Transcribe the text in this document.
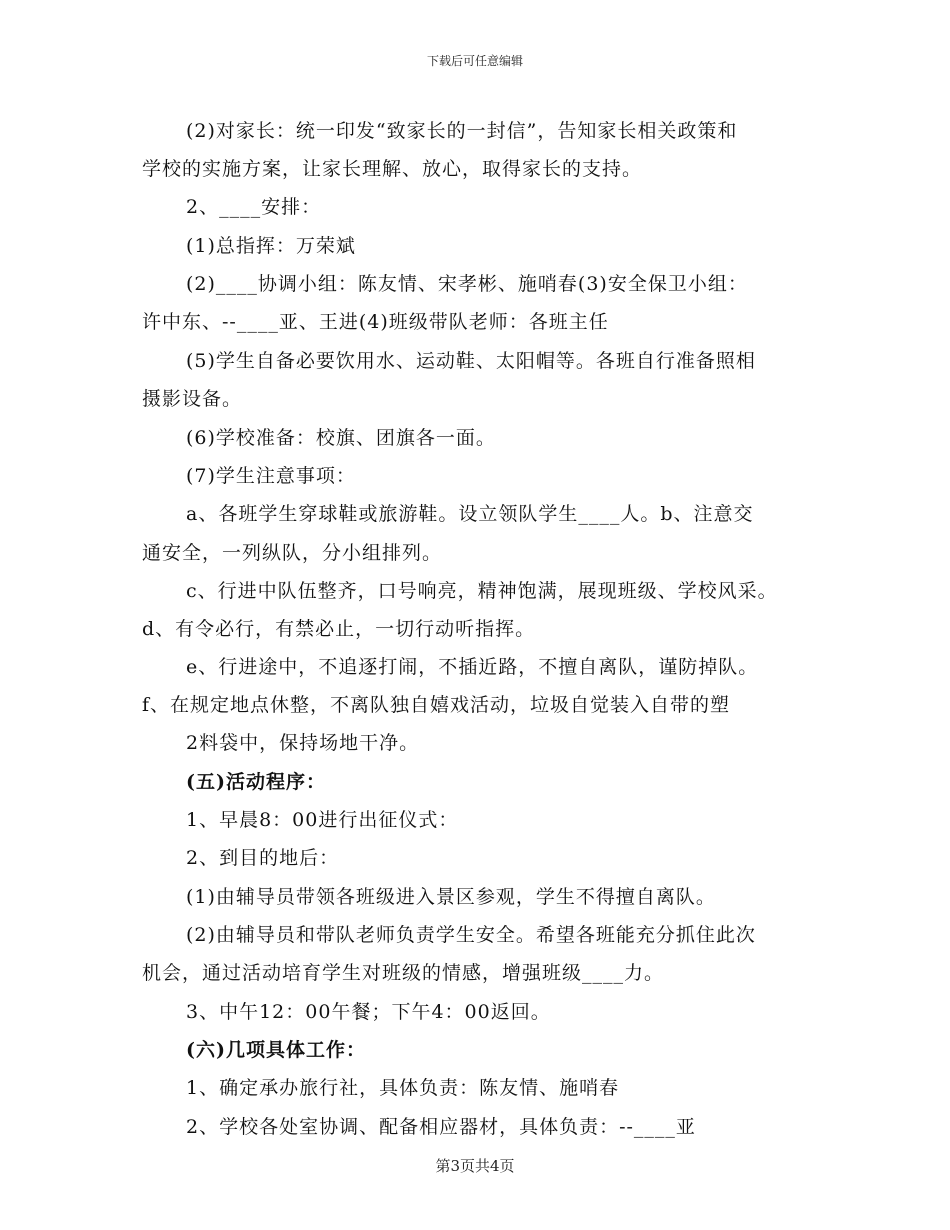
下载后可任意编辑
(2)对家长：统一印发“致家长的一封信”，告知家长相关政策和
学校的实施方案，让家长理解、放心，取得家长的支持。
2、____安排：
(1)总指挥：万荣斌
(2)____协调小组：陈友情、宋孝彬、施哨春(3)安全保卫小组：
许中东、--____亚、王进(4)班级带队老师：各班主任
(5)学生自备必要饮用水、运动鞋、太阳帽等。各班自行准备照相
摄影设备。
(6)学校准备：校旗、团旗各一面。
(7)学生注意事项：
a、各班学生穿球鞋或旅游鞋。设立领队学生____人。b、注意交
通安全，一列纵队，分小组排列。
c、行进中队伍整齐，口号响亮，精神饱满，展现班级、学校风采。
d、有令必行，有禁必止，一切行动听指挥。
e、行进途中，不追逐打闹，不插近路，不擅自离队，谨防掉队。
f、在规定地点休整，不离队独自嬉戏活动，垃圾自觉装入自带的塑
2料袋中，保持场地干净。
(五)活动程序：
1、早晨8：00进行出征仪式：
2、到目的地后：
(1)由辅导员带领各班级进入景区参观，学生不得擅自离队。
(2)由辅导员和带队老师负责学生安全。希望各班能充分抓住此次
机会，通过活动培育学生对班级的情感，增强班级____力。
3、中午12：00午餐；下午4：00返回。
(六)几项具体工作：
1、确定承办旅行社，具体负责：陈友情、施哨春
2、学校各处室协调、配备相应器材，具体负责：--____亚
第3页共4页
